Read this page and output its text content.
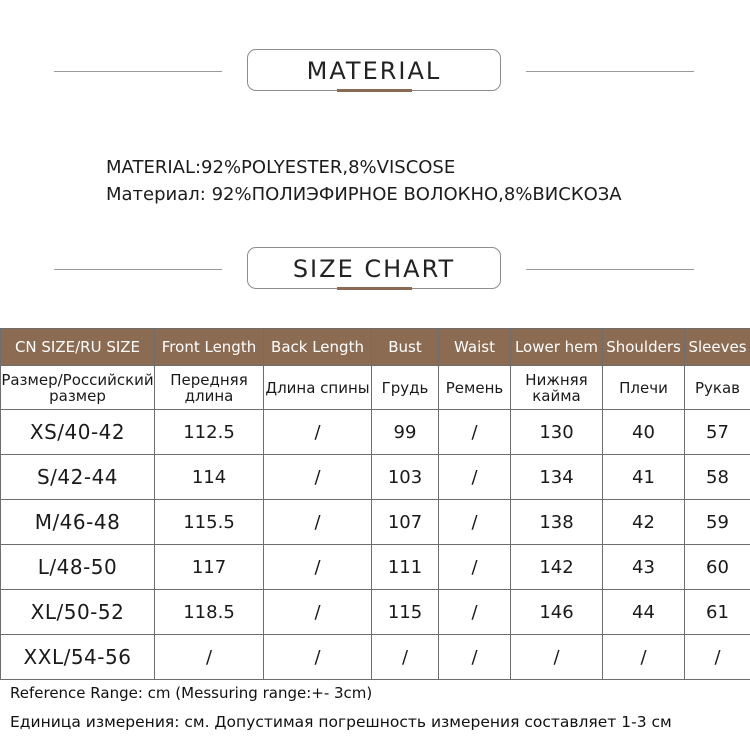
MATERIAL
MATERIAL:92%POLYESTER,8%VISCOSE
Материал: 92%ПОЛИЭФИРНОЕ ВОЛОКНО,8%ВИСКОЗА
SIZE CHART
CN SIZE/RU SIZE	Front Length	Back Length	Bust	Waist	Lower hem	Shoulders	Sleeves
Размер/Российский размер	Передняя длина	Длина спины	Грудь	Ремень	Нижняя кайма	Плечи	Рукав
XS/40-42	112.5	/	99	/	130	40	57
S/42-44	114	/	103	/	134	41	58
M/46-48	115.5	/	107	/	138	42	59
L/48-50	117	/	111	/	142	43	60
XL/50-52	118.5	/	115	/	146	44	61
XXL/54-56	/	/	/	/	/	/	/
Reference Range: cm (Messuring range:+- 3cm)
Единица измерения: см. Допустимая погрешность измерения составляет 1-3 см
